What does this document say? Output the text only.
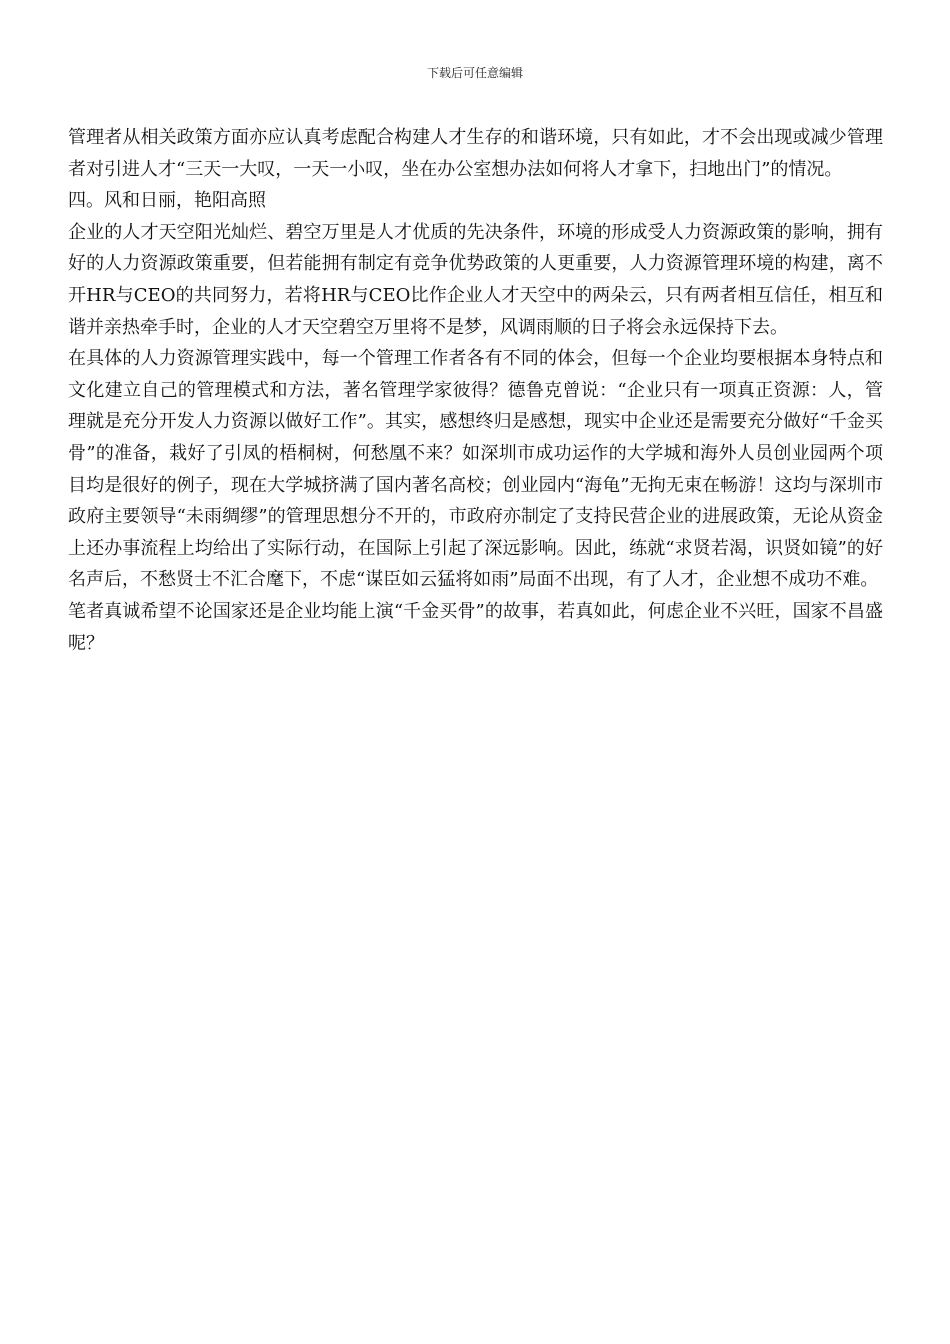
下载后可任意编辑

管理者从相关政策方面亦应认真考虑配合构建人才生存的和谐环境，只有如此，才不会出现或减少管理者对引进人才“三天一大叹，一天一小叹，坐在办公室想办法如何将人才拿下，扫地出门”的情况。

四。风和日丽，艳阳高照

企业的人才天空阳光灿烂、碧空万里是人才优质的先决条件，环境的形成受人力资源政策的影响，拥有好的人力资源政策重要，但若能拥有制定有竞争优势政策的人更重要，人力资源管理环境的构建，离不开HR与CEO的共同努力，若将HR与CEO比作企业人才天空中的两朵云，只有两者相互信任，相互和谐并亲热牵手时，企业的人才天空碧空万里将不是梦，风调雨顺的日子将会永远保持下去。

在具体的人力资源管理实践中，每一个管理工作者各有不同的体会，但每一个企业均要根据本身特点和文化建立自己的管理模式和方法，著名管理学家彼得？德鲁克曾说：“企业只有一项真正资源：人，管理就是充分开发人力资源以做好工作”。其实，感想终归是感想，现实中企业还是需要充分做好“千金买骨”的准备，栽好了引凤的梧桐树，何愁凰不来？如深圳市成功运作的大学城和海外人员创业园两个项目均是很好的例子，现在大学城挤满了国内著名高校；创业园内“海龟”无拘无束在畅游！这均与深圳市政府主要领导“未雨绸缪”的管理思想分不开的，市政府亦制定了支持民营企业的进展政策，无论从资金上还办事流程上均给出了实际行动，在国际上引起了深远影响。因此，练就“求贤若渴，识贤如镜”的好名声后，不愁贤士不汇合麾下，不虑“谋臣如云猛将如雨”局面不出现，有了人才，企业想不成功不难。

笔者真诚希望不论国家还是企业均能上演“千金买骨”的故事，若真如此，何虑企业不兴旺，国家不昌盛呢？
